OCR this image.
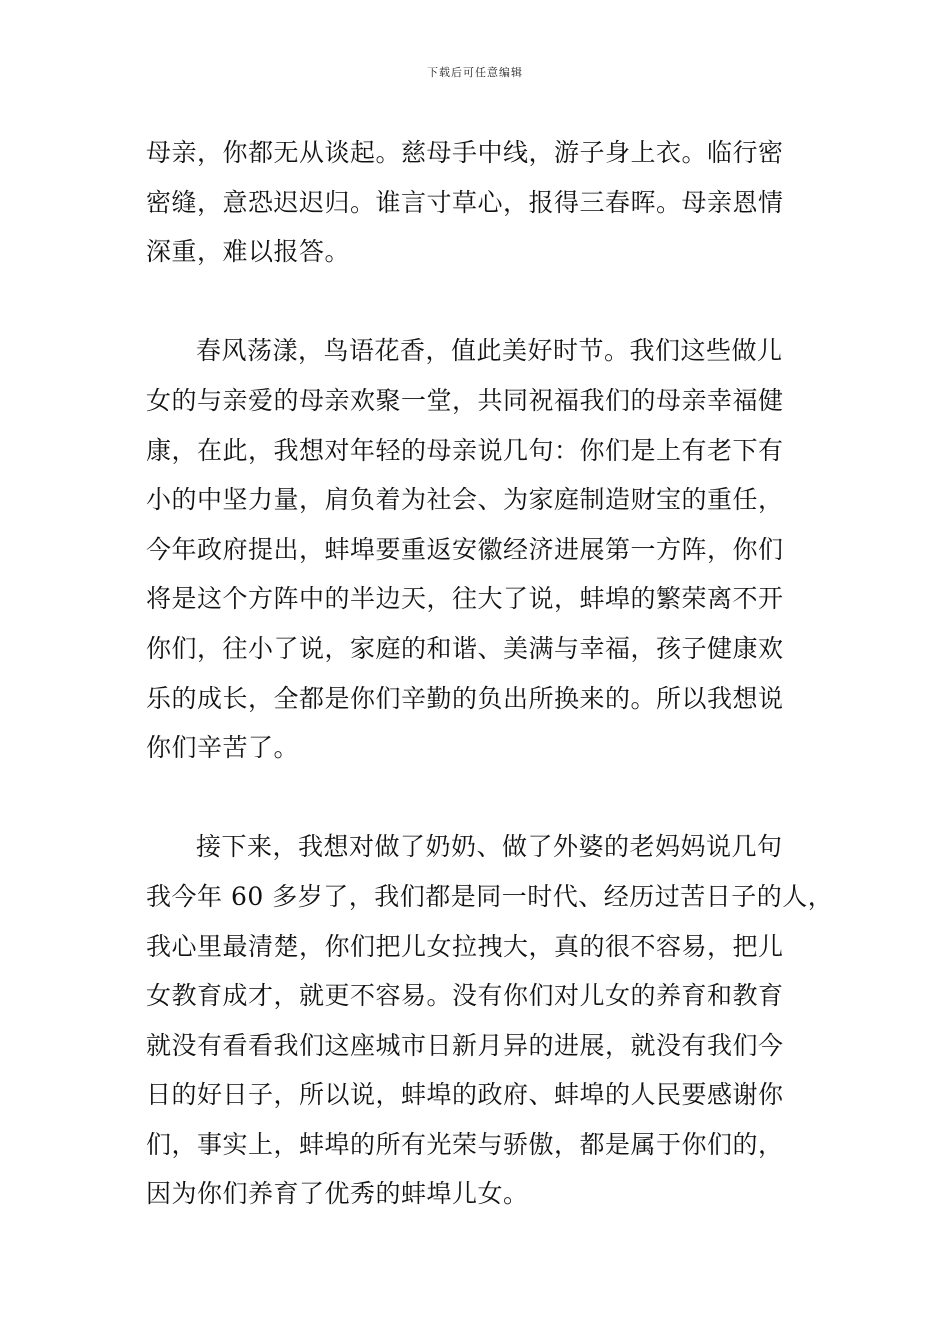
下载后可任意编辑
母亲，你都无从谈起。慈母手中线，游子身上衣。临行密
密缝，意恐迟迟归。谁言寸草心，报得三春晖。母亲恩情
深重，难以报答。
春风荡漾，鸟语花香，值此美好时节。我们这些做儿
女的与亲爱的母亲欢聚一堂，共同祝福我们的母亲幸福健
康，在此，我想对年轻的母亲说几句：你们是上有老下有
小的中坚力量，肩负着为社会、为家庭制造财宝的重任，
今年政府提出，蚌埠要重返安徽经济进展第一方阵，你们
将是这个方阵中的半边天，往大了说，蚌埠的繁荣离不开
你们，往小了说，家庭的和谐、美满与幸福，孩子健康欢
乐的成长，全都是你们辛勤的负出所换来的。所以我想说
你们辛苦了。
接下来，我想对做了奶奶、做了外婆的老妈妈说几句
我今年 60 多岁了，我们都是同一时代、经历过苦日子的人，
我心里最清楚，你们把儿女拉拽大，真的很不容易，把儿
女教育成才，就更不容易。没有你们对儿女的养育和教育
就没有看看我们这座城市日新月异的进展，就没有我们今
日的好日子，所以说，蚌埠的政府、蚌埠的人民要感谢你
们，事实上，蚌埠的所有光荣与骄傲，都是属于你们的，
因为你们养育了优秀的蚌埠儿女。
